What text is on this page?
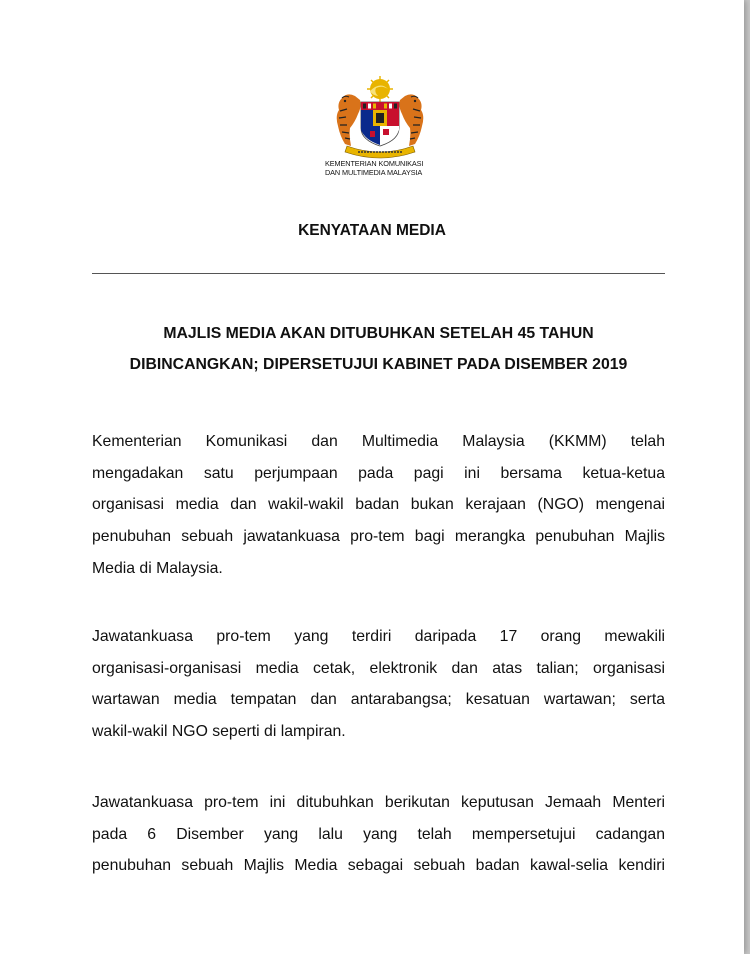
KEMENTERIAN KOMUNIKASI
DAN MULTIMEDIA MALAYSIA
KENYATAAN MEDIA
MAJLIS MEDIA AKAN DITUBUHKAN SETELAH 45 TAHUN
DIBINCANGKAN; DIPERSETUJUI KABINET PADA DISEMBER 2019
Kementerian Komunikasi dan Multimedia Malaysia (KKMM) telah
mengadakan satu perjumpaan pada pagi ini bersama ketua-ketua
organisasi media dan wakil-wakil badan bukan kerajaan (NGO) mengenai
penubuhan sebuah jawatankuasa pro-tem bagi merangka penubuhan Majlis
Media di Malaysia.
Jawatankuasa pro-tem yang terdiri daripada 17 orang mewakili
organisasi-organisasi media cetak, elektronik dan atas talian; organisasi
wartawan media tempatan dan antarabangsa; kesatuan wartawan; serta
wakil-wakil NGO seperti di lampiran.
Jawatankuasa pro-tem ini ditubuhkan berikutan keputusan Jemaah Menteri
pada 6 Disember yang lalu yang telah mempersetujui cadangan
penubuhan sebuah Majlis Media sebagai sebuah badan kawal-selia kendiri
